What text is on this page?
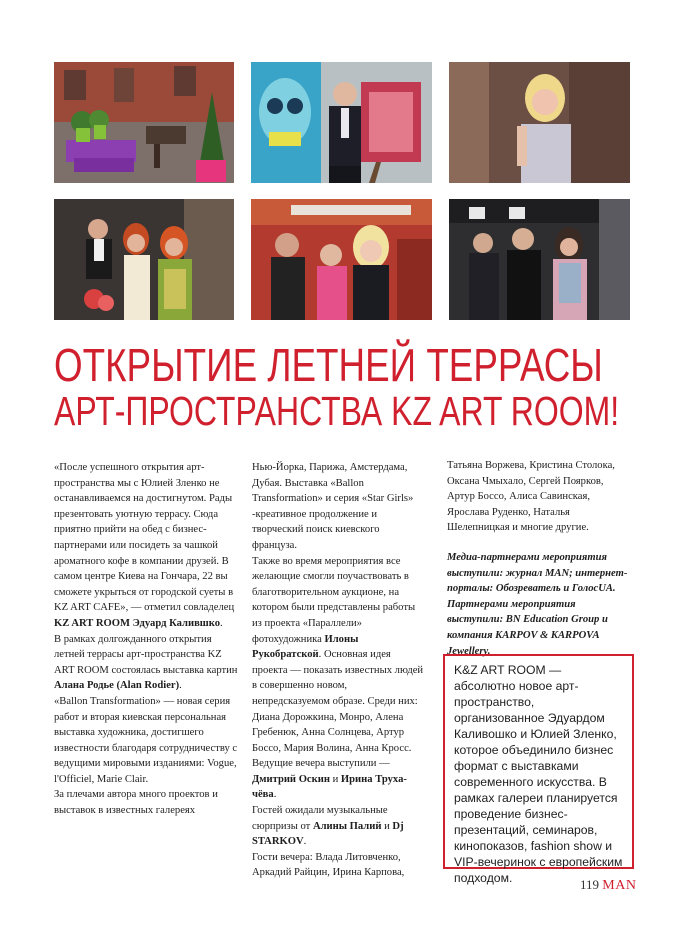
ОТКРЫТИЕ ЛЕТНЕЙ ТЕРРАСЫ
АРТ-ПРОСТРАНСТВА KZ ART ROOM!

«После успешного открытия арт-пространства мы с Юлией Зленко не останавливаемся на достигнутом. Рады презентовать уютную террасу. Сюда приятно прийти на обед с бизнес-партнерами или посидеть за чашкой ароматного кофе в компании друзей. В самом центре Киева на Гончара, 22 вы сможете укрыться от городской суеты в KZ ART CAFE», — отметил совладелец KZ ART ROOM Эдуард Калившко.

В рамках долгожданного открытия летней террасы арт-пространства KZ ART ROOM состоялась выставка картин Алана Родье (Alan Rodier).

«Ballon Transformation» — новая серия работ и вторая киевская персональная выставка художника, достигшего известности благодаря сотрудничеству с ведущими мировыми изданиями: Vogue, l'Officiel, Marie Clair.

За плечами автора много проектов и выставок в известных галереях

Нью-Йорка, Парижа, Амстердама, Дубая. Выставка «Ballon Transformation» и серия «Star Girls» -креативное продолжение и творческий поиск киевского француза.

Также во время мероприятия все желающие смогли поучаствовать в благотворительном аукционе, на котором были представлены работы из проекта «Параллели» фотохудожника Илоны Рукобратской. Основная идея проекта — показать известных людей в совершенно новом, непредсказуемом образе. Среди них: Диана Дорожкина, Монро, Алена Гребенюк, Анна Солнцева, Артур Боссо, Мария Волина, Анна Кросс.

Ведущие вечера выступили — Дмитрий Оскин и Ирина Труха-чёва.

Гостей ожидали музыкальные сюрпризы от Алины Палий и Dj STARKOV.

Гости вечера: Влада Литовченко, Аркадий Райцин, Ирина Карпова,

Татьяна Воржева, Кристина Столока, Оксана Чмыхало, Сергей Поярков, Артур Боссо, Алиса Савинская, Ярослава Руденко, Наталья Шелепницкая и многие другие.

Медиа-партнерами мероприятия выступили: журнал MAN; интернет-порталы: Обозреватель и ГолосUA. Партнерами мероприятия выступили: BN Education Group и компания KARPOV & KARPOVA Jewellery.

K&Z ART ROOM — абсолютно новое арт-пространство, организованное Эдуардом Каливошко и Юлией Зленко, которое объединило бизнес формат с выставками современного искусства. В рамках галереи планируется проведение бизнес-презентаций, семинаров, кинопоказов, fashion show и VIP-вечеринок с европейским подходом.	119 MAN
